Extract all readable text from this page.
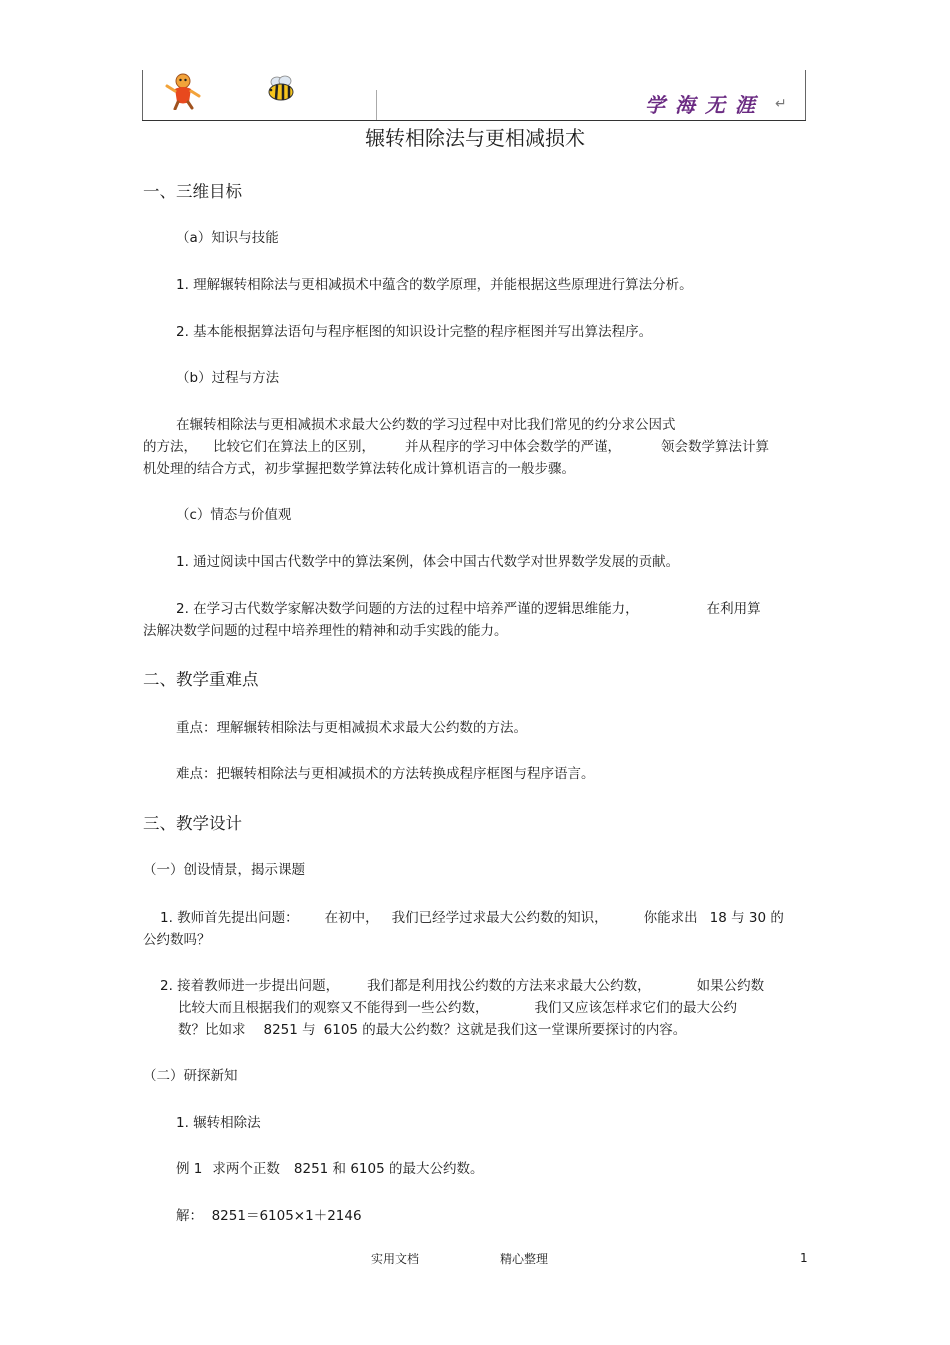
学海无涯 ↵
辗转相除法与更相减损术
一、三维目标
（a）知识与技能
1. 理解辗转相除法与更相减损术中蕴含的数学原理，并能根据这些原理进行算法分析。
2. 基本能根据算法语句与程序框图的知识设计完整的程序框图并写出算法程序。
（b）过程与方法
在辗转相除法与更相减损术求最大公约数的学习过程中对比我们常见的约分求公因式
的方法， 比较它们在算法上的区别， 并从程序的学习中体会数学的严谨，	领会数学算法计算
机处理的结合方式，初步掌握把数学算法转化成计算机语言的一般步骤。
（c）情态与价值观
1. 通过阅读中国古代数学中的算法案例，体会中国古代数学对世界数学发展的贡献。
2. 在学习古代数学家解决数学问题的方法的过程中培养严谨的逻辑思维能力，	在利用算
法解决数学问题的过程中培养理性的精神和动手实践的能力。
二、教学重难点
重点：理解辗转相除法与更相减损术求最大公约数的方法。
难点：把辗转相除法与更相减损术的方法转换成程序框图与程序语言。
三、教学设计
（一）创设情景，揭示课题
1. 教师首先提出问题： 在初中， 我们已经学过求最大公约数的知识，	你能求出 18 与 30 的
公约数吗？
2. 接着教师进一步提出问题， 我们都是利用找公约数的方法来求最大公约数，	如果公约数
比较大而且根据我们的观察又不能得到一些公约数，	我们又应该怎样求它们的最大公约
数？比如求 8251 与 6105 的最大公约数？这就是我们这一堂课所要探讨的内容。
（二）研探新知
1. 辗转相除法
例 1 求两个正数 8251 和 6105 的最大公约数。
解：  8251＝6105×1＋2146
实用文档	精心整理	1
